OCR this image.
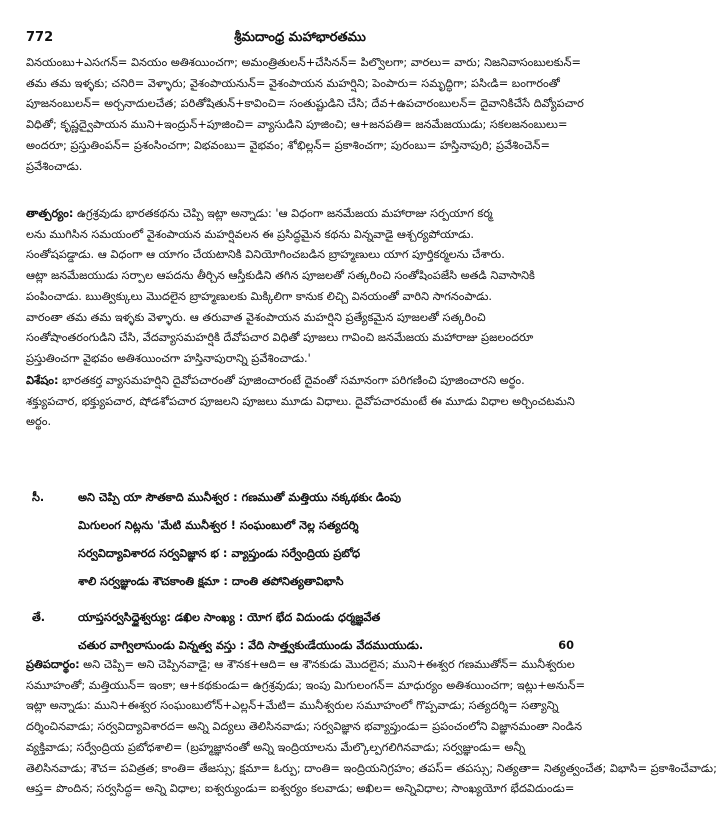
772	శ్రీమదాంధ్ర మహాభారతము
వినయంబు+ఎసఁగన్= వినయం అతిశయించగా; అమంత్రితులన్+చేసినన్= పిల్వొలగా; వారలు= వారు; నిజనివాసంబులకున్=
తమ తమ ఇళ్ళకు; చనిరి= వెళ్ళారు; వైశంపాయనున్= వైశంపాయన మహర్షిని; పెంపారు= సమృద్ధిగా; పసిఁడి= బంగారంతో
పూజనంబులన్= అర్చనాదులచేత; పరితోషితున్+కావించి= సంతుష్టుడిని చేసి; దేవ+ఉపచారంబులన్= దైవానికిచేసే దివ్యోపచార
విధితో; కృష్ణద్వైపాయన ముని+ఇంద్రున్+పూజించి= వ్యాసుడిని పూజించి; ఆ+జనపతి= జనమేజయుడు; సకలజనంబులు=
అందరూ; ప్రస్తుతింపన్= ప్రశంసించగా; విభవంబు= వైభవం; శోభిల్లన్= ప్రకాశించగా; పురంబు= హస్తినాపురి; ప్రవేశించెన్=
ప్రవేశించాడు.
తాత్పర్యం: ఉగ్రశ్రవుడు భారతకథను చెప్పి ఇట్లా అన్నాడు: 'ఆ విధంగా జనమేజయ మహారాజు సర్పయాగ కర్మ
లను ముగిసిన సమయంలో వైశంపాయన మహర్షివలన ఈ ప్రసిద్ధమైన కథను విన్నవాడై ఆశ్చర్యపోయాడు.
సంతోషపడ్డాడు. ఆ విధంగా ఆ యాగం చేయటానికి వినియోగించబడిన బ్రాహ్మణులు యాగ పూర్తికర్మలను చేశారు.
ఆట్లా జనమేజయుడు సర్పాల ఆపదను తీర్చిన ఆస్తీకుడిని తగిన పూజలతో సత్కరించి సంతోషింపజేసి అతడి నివాసానికి
పంపించాడు. ఋత్విక్కులు మొదలైన బ్రాహ్మణులకు మిక్కిలిగా కానుక లిచ్చి వినయంతో వారిని సాగనంపాడు.
వారంతా తమ తమ ఇళ్ళకు వెళ్ళారు. ఆ తరువాత వైశంపాయన మహర్షిని ప్రత్యేకమైన పూజలతో సత్కరించి
సంతోషాంతరంగుడిని చేసి, వేదవ్యాసమహర్షికి దేవోపచార విధితో పూజలు గావించి జనమేజయ మహారాజు ప్రజలందరూ
ప్రస్తుతించగా వైభవం అతిశయించగా హస్తినాపురాన్ని ప్రవేశించాడు.'
విశేషం: భారతకర్త వ్యాసమహర్షిని దైవోపచారంతో పూజించారంటే దైవంతో సమానంగా పరిగణించి పూజించారని అర్థం.
శక్త్యుపచార, భక్త్యుపచార, షోడశోపచార పూజలని పూజలు మూడు విధాలు. దైవోపచారమంటే ఈ మూడు విధాల అర్చించటమని
అర్థం.
సీ.	అని చెప్పి యా సౌతకాది మునీశ్వర : గణముతో మత్తియు నక్కథకుఁ డింపు
మిగులంగ నిట్లను 'మేటి మునీశ్వర ! సంఘంబులో నెల్ల సత్యదర్శి
సర్వవిద్యావిశారద సర్వవిజ్ఞాన భ : వ్యాప్తుండు సర్వేంద్రియ ప్రబోధ
శాలి సర్వజ్ఞుండు శౌచకాంతి క్షమా : దాంతి తపోనిత్యతావిభాసి
తే.	యాప్తసర్వసిద్ధైశ్వర్యు: డఖిల సాంఖ్య : యోగ భేద విదుండు ధర్మజ్ఞవేత
చతుర వాగ్విలాసుండు విన్నత్వ వస్తు : వేది సాత్త్వకుఁడేయుండు వేదముయుడు.	60
ప్రతిపదార్థం: అని చెప్పి= అని చెప్పినవాడై; ఆ శౌనక+ఆది= ఆ శౌనకుడు మొదలైన; ముని+ఈశ్వర గణముతోన్= మునీశ్వరుల
సమూహంతో; మత్తియున్= ఇంకా; ఆ+కథకుండు= ఉగ్రశ్రవుడు; ఇంపు మిగులంగన్= మాధుర్యం అతిశయించగా; ఇట్లు+అనున్=
ఇట్లా అన్నాడు: ముని+ఈశ్వర సంఘంబులోన్+ఎల్లన్+మేటి= మునీశ్వరుల సమూహంలో గొప్పవాడు; సత్యదర్శి= సత్యాన్ని
దర్శించినవాడు; సర్వవిద్యావిశారద= అన్ని విద్యలు తెలిసినవాడు; సర్వవిజ్ఞాన భవ్యాప్తుండు= ప్రపంచంలోని విజ్ఞానమంతా నిండిన
వ్యక్తివాడు; సర్వేంద్రియ ప్రబోధశాలి= (బ్రహ్మజ్ఞానంతో అన్ని ఇంద్రియాలను మేల్కొల్పగలిగినవాడు; సర్వజ్ఞుండు= అన్నీ
తెలిసినవాడు; శౌచ= పవిత్రత; కాంతి= తేజస్సు; క్షమా= ఓర్పు; దాంతి= ఇంద్రియనిగ్రహం; తపస్= తపస్సు; నిత్యతా= నిత్యత్వంచేత; విభాసి= ప్రకాశించేవాడు;
ఆప్త= పొందిన; సర్వసిద్ధ= అన్ని విధాల; ఐశ్వర్యుండు= ఐశ్వర్యం కలవాడు; అఖిల= అన్నివిధాల; సాంఖ్యయోగ భేదవిదుండు=
